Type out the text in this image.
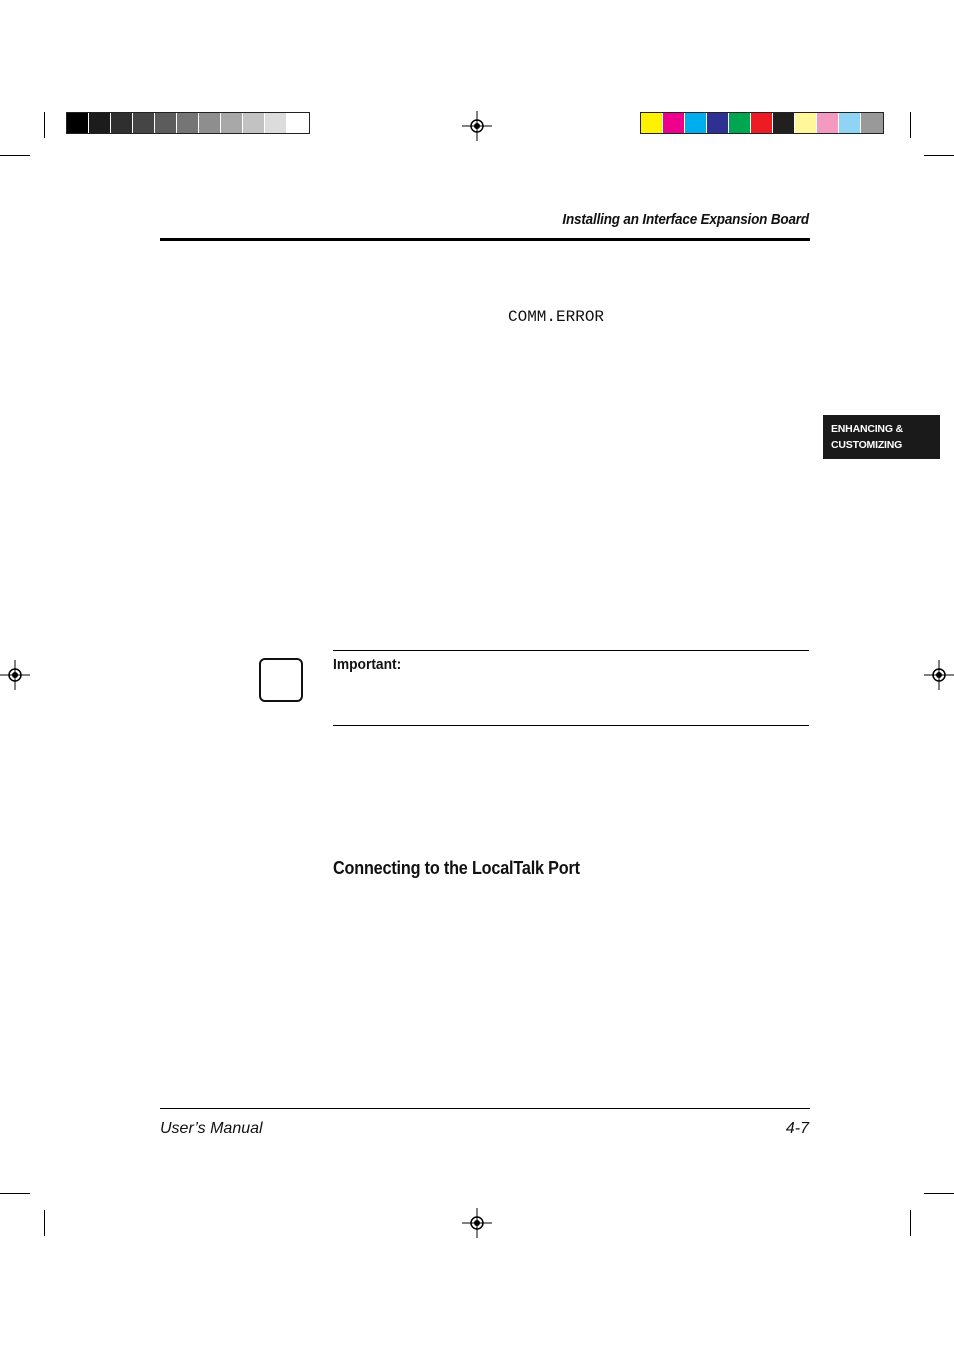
Installing an Interface Expansion Board
COMM.ERROR
ENHANCING &
CUSTOMIZING
Important:
Connecting to the LocalTalk Port
User’s Manual	4-7
